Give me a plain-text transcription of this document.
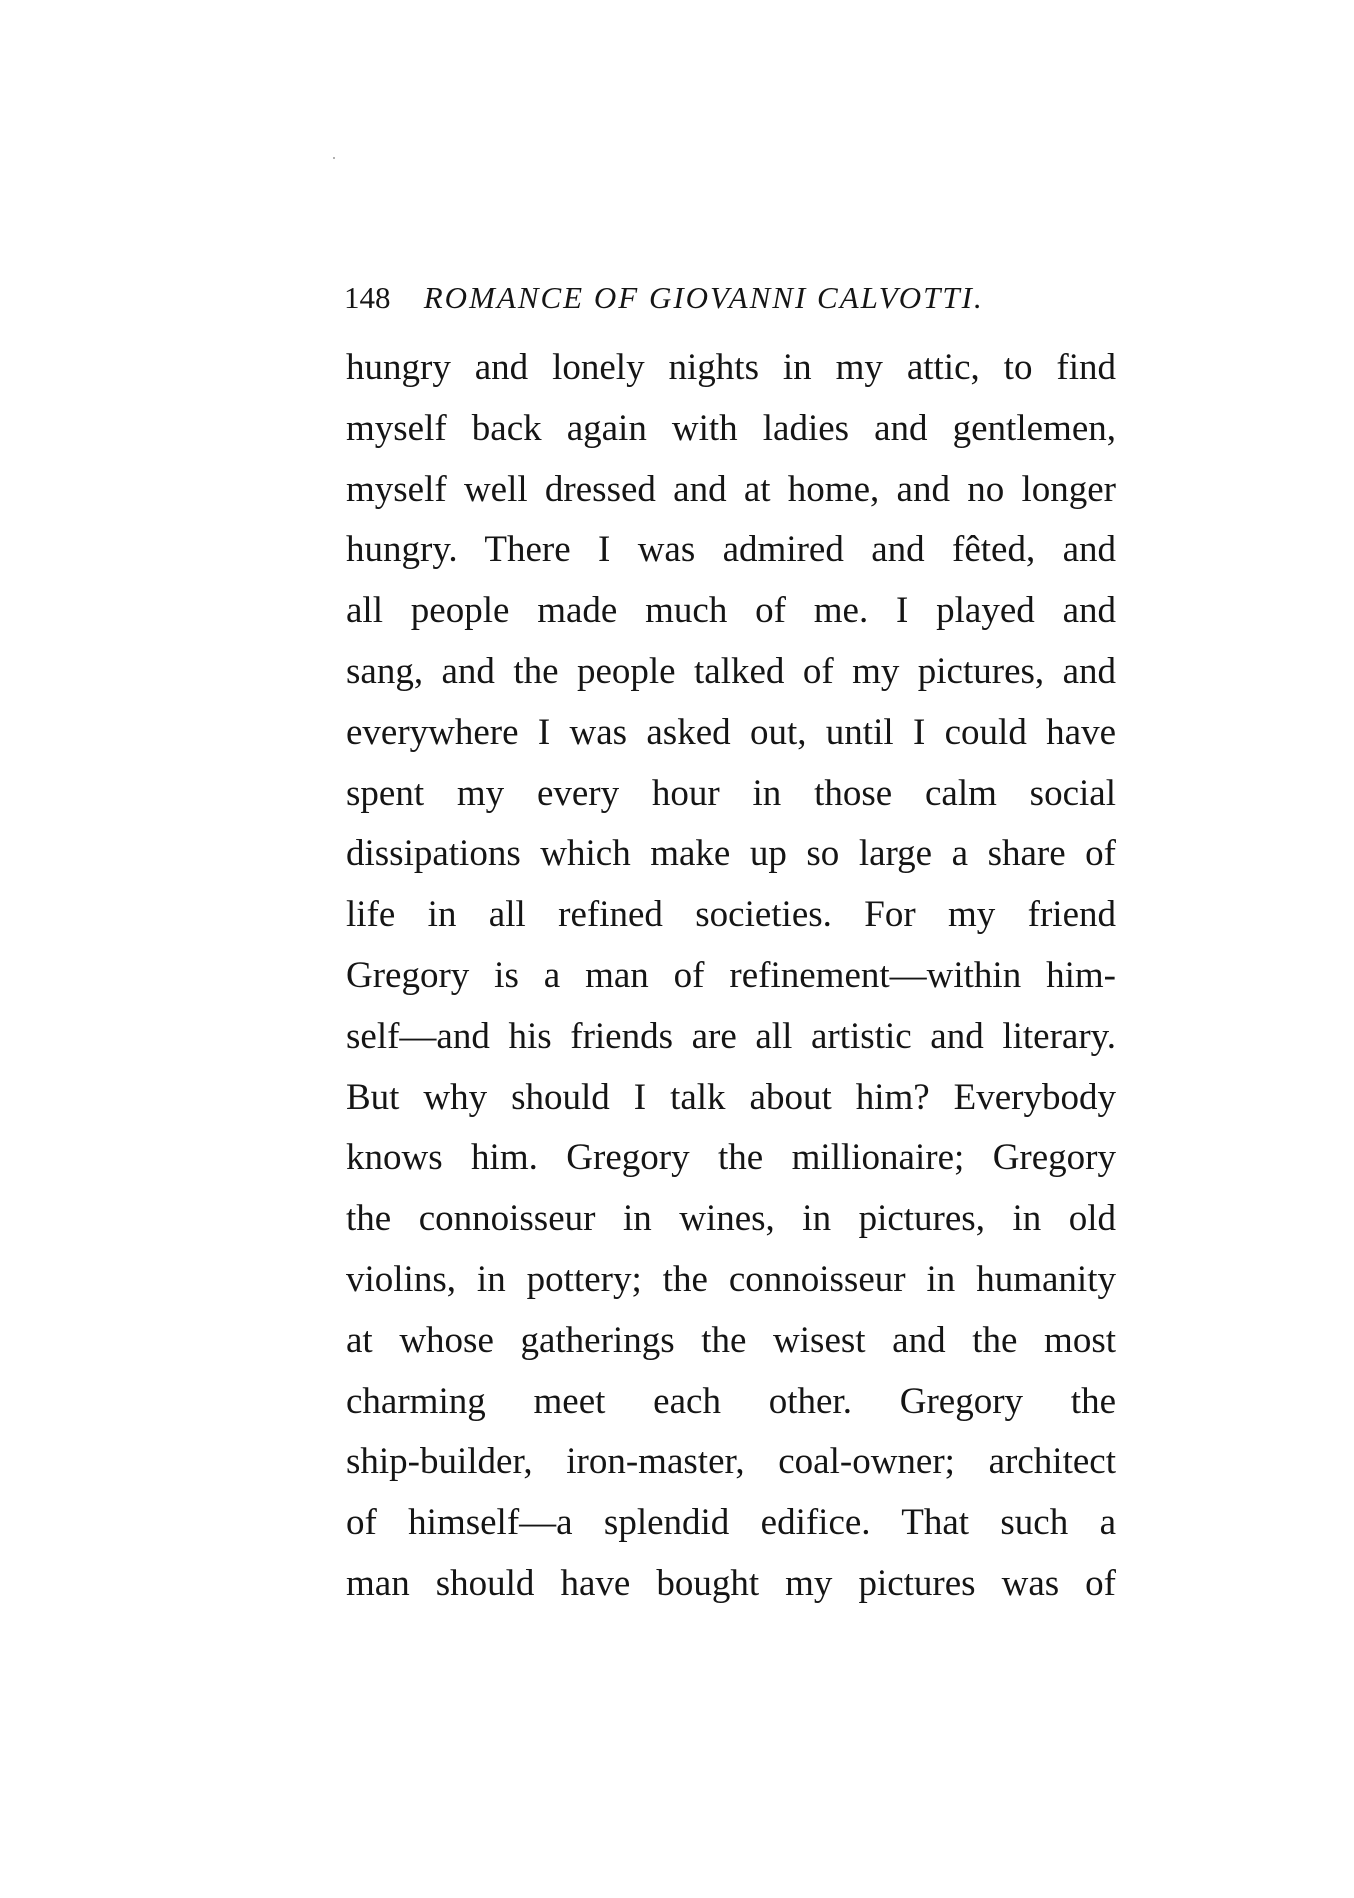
148 ROMANCE OF GIOVANNI CALVOTTI.
hungry and lonely nights in my attic, to find
myself back again with ladies and gentlemen,
myself well dressed and at home, and no longer
hungry. There I was admired and fêted, and
all people made much of me. I played and
sang, and the people talked of my pictures, and
everywhere I was asked out, until I could have
spent my every hour in those calm social
dissipations which make up so large a share of
life in all refined societies. For my friend
Gregory is a man of refinement—within him-
self—and his friends are all artistic and literary.
But why should I talk about him? Everybody
knows him. Gregory the millionaire; Gregory
the connoisseur in wines, in pictures, in old
violins, in pottery; the connoisseur in humanity
at whose gatherings the wisest and the most
charming meet each other. Gregory the
ship-builder, iron-master, coal-owner; architect
of himself—a splendid edifice. That such a
man should have bought my pictures was of
